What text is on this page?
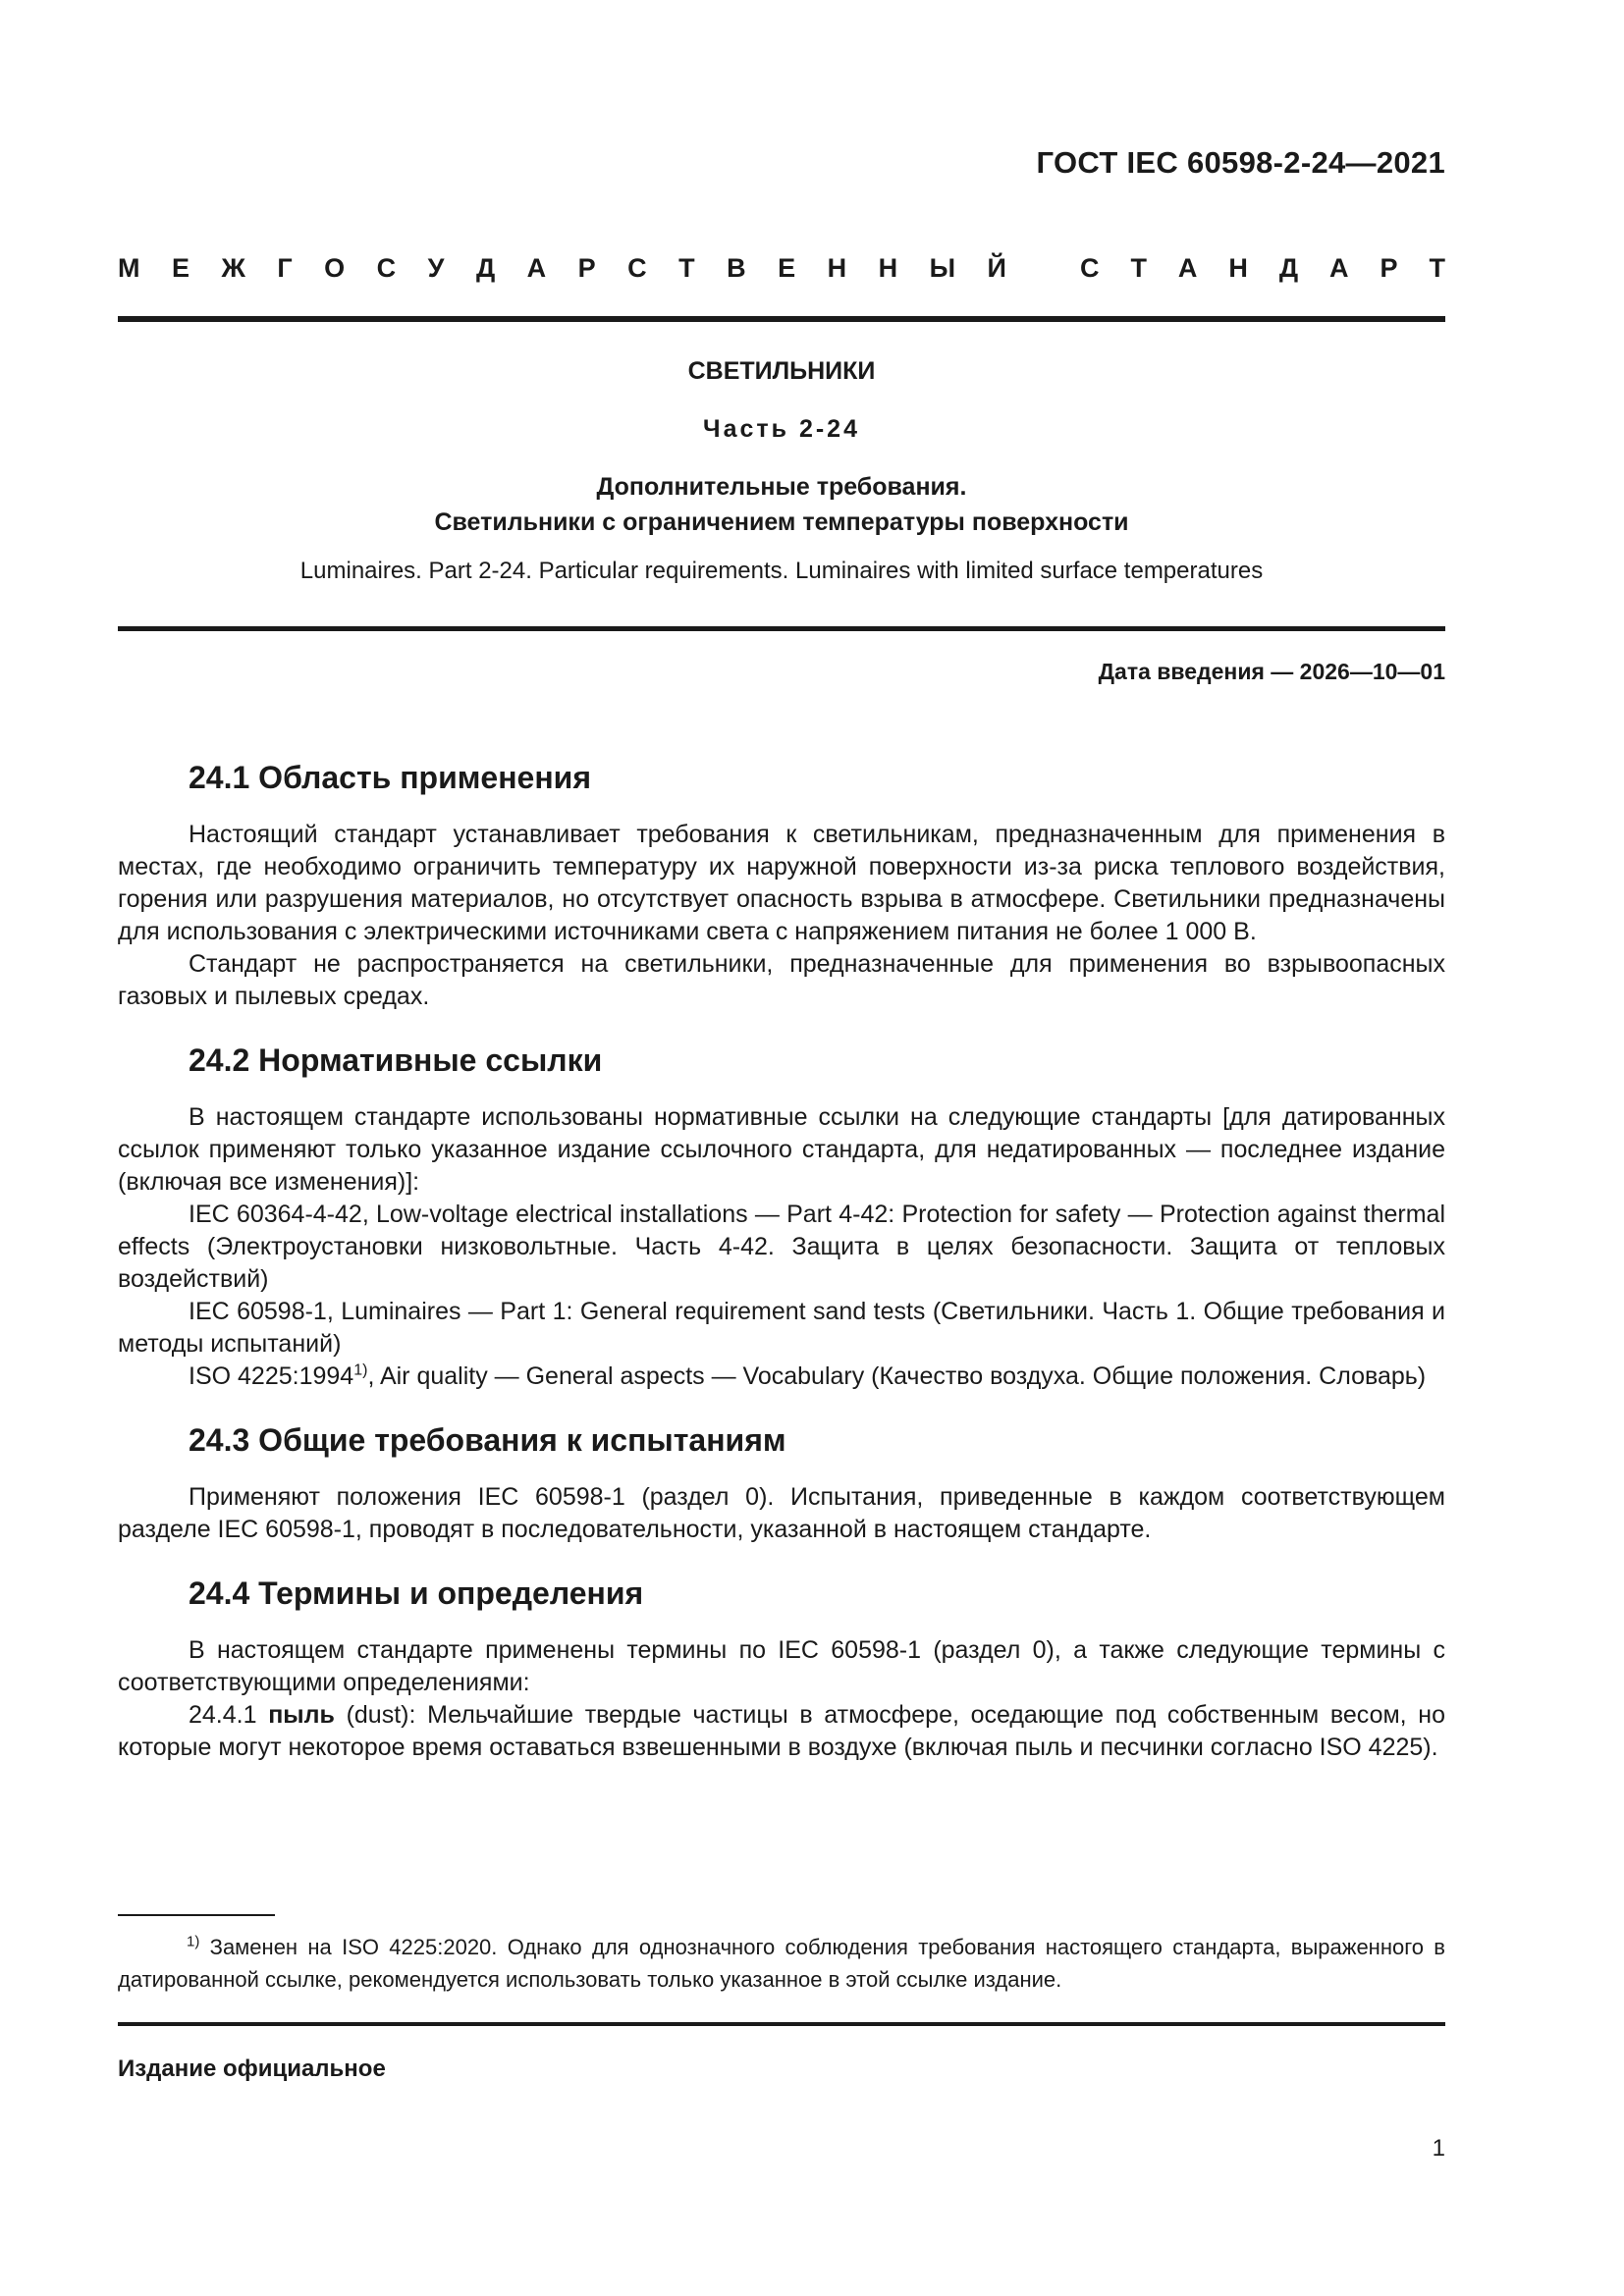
ГОСТ IEC 60598-2-24—2021
М Е Ж Г О С У Д А Р С Т В Е Н Н Ы Й	С Т А Н Д А Р Т
СВЕТИЛЬНИКИ
Часть 2-24
Дополнительные требования.
Светильники с ограничением температуры поверхности
Luminaires. Part 2-24. Particular requirements. Luminaires with limited surface temperatures
Дата введения — 2026—10—01
24.1 Область применения

Настоящий стандарт устанавливает требования к светильникам, предназначенным для применения в местах, где необходимо ограничить температуру их наружной поверхности из-за риска теплового воздействия, горения или разрушения материалов, но отсутствует опасность взрыва в атмосфере. Светильники предназначены для использования с электрическими источниками света с напряжением питания не более 1 000 В.

Стандарт не распространяется на светильники, предназначенные для применения во взрывоопасных газовых и пылевых средах.

24.2 Нормативные ссылки

В настоящем стандарте использованы нормативные ссылки на следующие стандарты [для датированных ссылок применяют только указанное издание ссылочного стандарта, для недатированных — последнее издание (включая все изменения)]:

IEC 60364-4-42, Low-voltage electrical installations — Part 4-42: Protection for safety — Protection against thermal effects (Электроустановки низковольтные. Часть 4-42. Защита в целях безопасности. Защита от тепловых воздействий)

IEC 60598-1, Luminaires — Part 1: General requirement sand tests (Светильники. Часть 1. Общие требования и методы испытаний)

ISO 4225:1994$^{1)}$, Air quality — General aspects — Vocabulary (Качество воздуха. Общие положения. Словарь)

24.3 Общие требования к испытаниям

Применяют положения IEC 60598-1 (раздел 0). Испытания, приведенные в каждом соответствующем разделе IEC 60598-1, проводят в последовательности, указанной в настоящем стандарте.

24.4 Термины и определения

В настоящем стандарте применены термины по IEC 60598-1 (раздел 0), а также следующие термины с соответствующими определениями:

24.4.1 пыль (dust): Мельчайшие твердые частицы в атмосфере, оседающие под собственным весом, но которые могут некоторое время оставаться взвешенными в воздухе (включая пыль и песчинки согласно ISO 4225).

$^{1)}$ Заменен на ISO 4225:2020. Однако для однозначного соблюдения требования настоящего стандарта, выраженного в датированной ссылке, рекомендуется использовать только указанное в этой ссылке издание.

Издание официальное
1
